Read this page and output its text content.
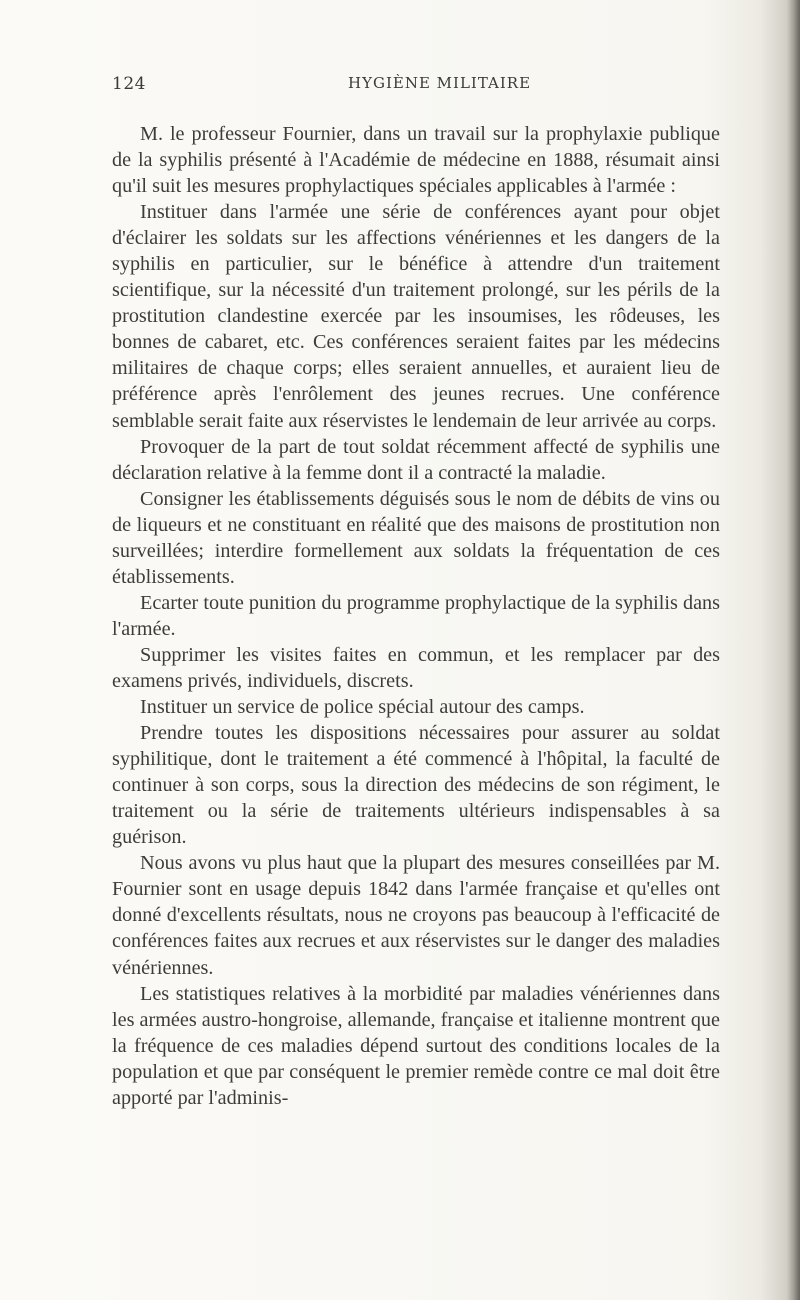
124	HYGIÈNE MILITAIRE

M. le professeur Fournier, dans un travail sur la prophylaxie publique de la syphilis présenté à l'Académie de médecine en 1888, résumait ainsi qu'il suit les mesures prophylactiques spéciales applicables à l'armée :

Instituer dans l'armée une série de conférences ayant pour objet d'éclairer les soldats sur les affections vénériennes et les dangers de la syphilis en particulier, sur le bénéfice à attendre d'un traitement scientifique, sur la nécessité d'un traitement prolongé, sur les périls de la prostitution clandestine exercée par les insoumises, les rôdeuses, les bonnes de cabaret, etc. Ces conférences seraient faites par les médecins militaires de chaque corps; elles seraient annuelles, et auraient lieu de préférence après l'enrôlement des jeunes recrues. Une conférence semblable serait faite aux réservistes le lendemain de leur arrivée au corps.

Provoquer de la part de tout soldat récemment affecté de syphilis une déclaration relative à la femme dont il a contracté la maladie.

Consigner les établissements déguisés sous le nom de débits de vins ou de liqueurs et ne constituant en réalité que des maisons de prostitution non surveillées; interdire formellement aux soldats la fréquentation de ces établissements.

Ecarter toute punition du programme prophylactique de la syphilis dans l'armée.

Supprimer les visites faites en commun, et les remplacer par des examens privés, individuels, discrets.

Instituer un service de police spécial autour des camps.

Prendre toutes les dispositions nécessaires pour assurer au soldat syphilitique, dont le traitement a été commencé à l'hôpital, la faculté de continuer à son corps, sous la direction des médecins de son régiment, le traitement ou la série de traitements ultérieurs indispensables à sa guérison.

Nous avons vu plus haut que la plupart des mesures conseillées par M. Fournier sont en usage depuis 1842 dans l'armée française et qu'elles ont donné d'excellents résultats, nous ne croyons pas beaucoup à l'efficacité de conférences faites aux recrues et aux réservistes sur le danger des maladies vénériennes.

Les statistiques relatives à la morbidité par maladies vénériennes dans les armées austro-hongroise, allemande, française et italienne montrent que la fréquence de ces maladies dépend surtout des conditions locales de la population et que par conséquent le premier remède contre ce mal doit être apporté par l'adminis-
